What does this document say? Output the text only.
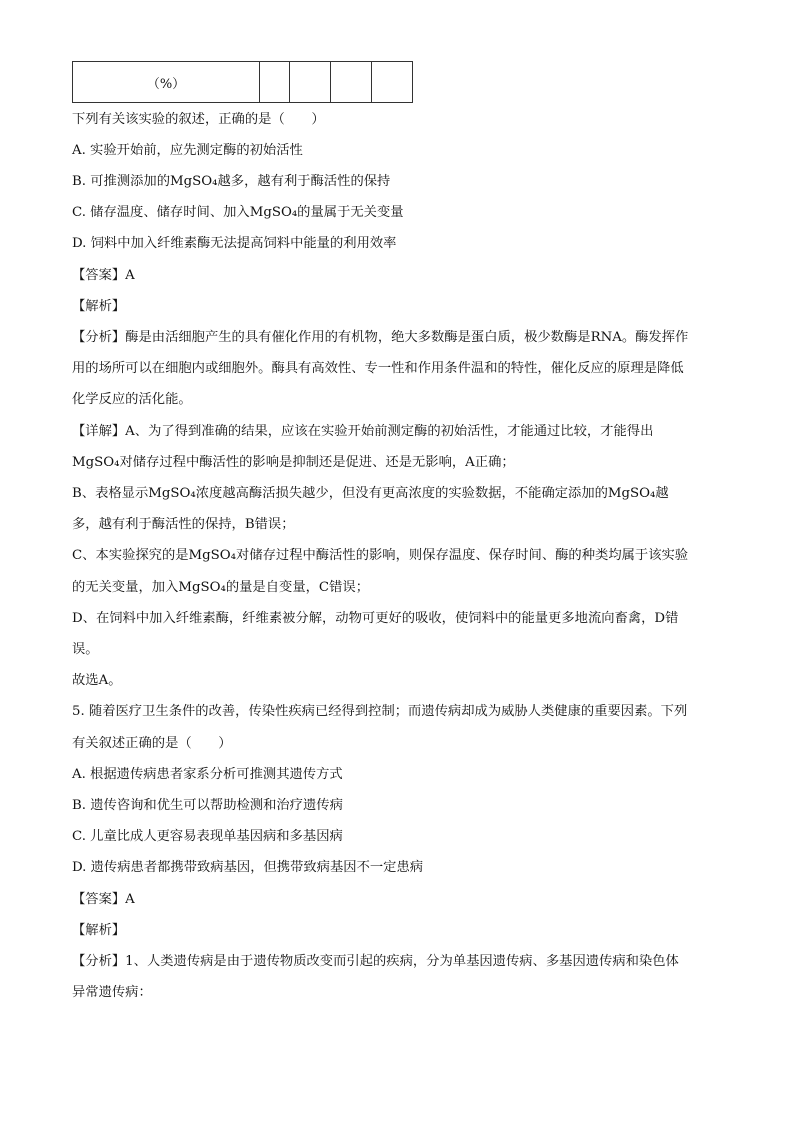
（%）				
下列有关该实验的叙述，正确的是（　　）
A. 实验开始前，应先测定酶的初始活性
B. 可推测添加的MgSO₄越多，越有利于酶活性的保持
C. 储存温度、储存时间、加入MgSO₄的量属于无关变量
D. 饲料中加入纤维素酶无法提高饲料中能量的利用效率
【答案】A
【解析】
【分析】酶是由活细胞产生的具有催化作用的有机物，绝大多数酶是蛋白质，极少数酶是RNA。酶发挥作
用的场所可以在细胞内或细胞外。酶具有高效性、专一性和作用条件温和的特性，催化反应的原理是降低
化学反应的活化能。
【详解】A、为了得到准确的结果，应该在实验开始前测定酶的初始活性，才能通过比较，才能得出
MgSO₄对储存过程中酶活性的影响是抑制还是促进、还是无影响，A正确；
B、表格显示MgSO₄浓度越高酶活损失越少，但没有更高浓度的实验数据，不能确定添加的MgSO₄越
多，越有利于酶活性的保持，B错误；
C、本实验探究的是MgSO₄对储存过程中酶活性的影响，则保存温度、保存时间、酶的种类均属于该实验
的无关变量，加入MgSO₄的量是自变量，C错误；
D、在饲料中加入纤维素酶，纤维素被分解，动物可更好的吸收，使饲料中的能量更多地流向畜禽，D错
误。
故选A。
5. 随着医疗卫生条件的改善，传染性疾病已经得到控制；而遗传病却成为威胁人类健康的重要因素。下列
有关叙述正确的是（　　）
A. 根据遗传病患者家系分析可推测其遗传方式
B. 遗传咨询和优生可以帮助检测和治疗遗传病
C. 儿童比成人更容易表现单基因病和多基因病
D. 遗传病患者都携带致病基因，但携带致病基因不一定患病
【答案】A
【解析】
【分析】1、人类遗传病是由于遗传物质改变而引起的疾病，分为单基因遗传病、多基因遗传病和染色体
异常遗传病：
